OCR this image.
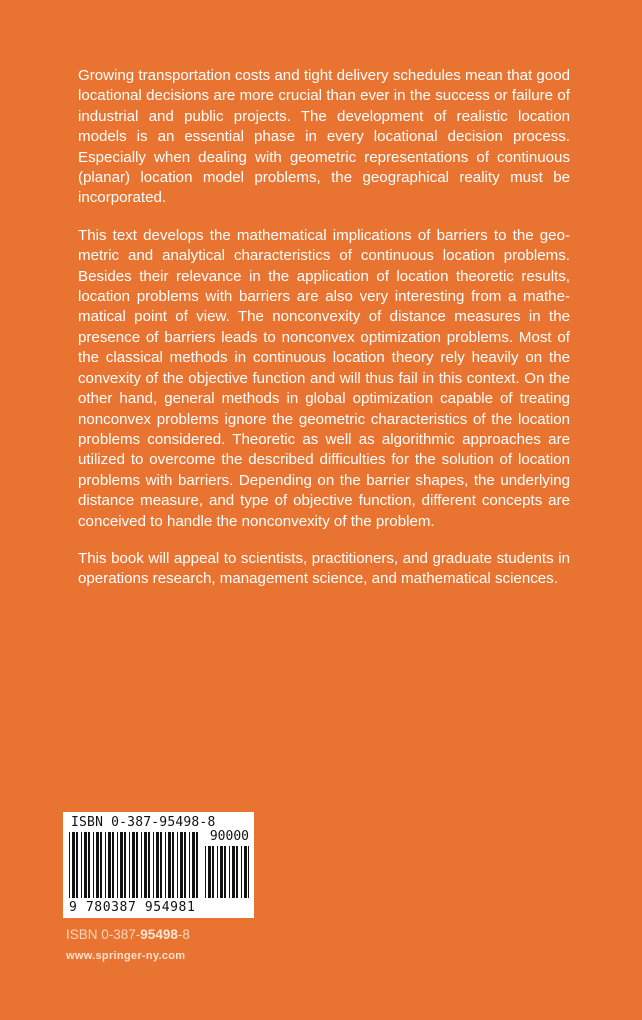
Growing transportation costs and tight delivery schedules mean that good locational decisions are more crucial than ever in the success or failure of industrial and public projects. The development of realistic location models is an essential phase in every locational decision process. Especially when dealing with geometric representations of continuous (planar) location model problems, the geographical reality must be incorporated.

This text develops the mathematical implications of barriers to the geometric and analytical characteristics of continuous location problems. Besides their relevance in the application of location theoretic results, location problems with barriers are also very interesting from a mathematical point of view. The nonconvexity of distance measures in the presence of barriers leads to nonconvex optimization problems. Most of the classical methods in continuous location theory rely heavily on the convexity of the objective function and will thus fail in this context. On the other hand, general methods in global optimization capable of treating nonconvex problems ignore the geometric characteristics of the location problems considered. Theoretic as well as algorithmic approaches are utilized to overcome the described difficulties for the solution of location problems with barriers. Depending on the barrier shapes, the underlying distance measure, and type of objective function, different concepts are conceived to handle the nonconvexity of the problem.

This book will appeal to scientists, practitioners, and graduate students in operations research, management science, and mathematical sciences.

ISBN 0-387-95498-8
90000
9 780387 954981
ISBN 0-387-95498-8
www.springer-ny.com
